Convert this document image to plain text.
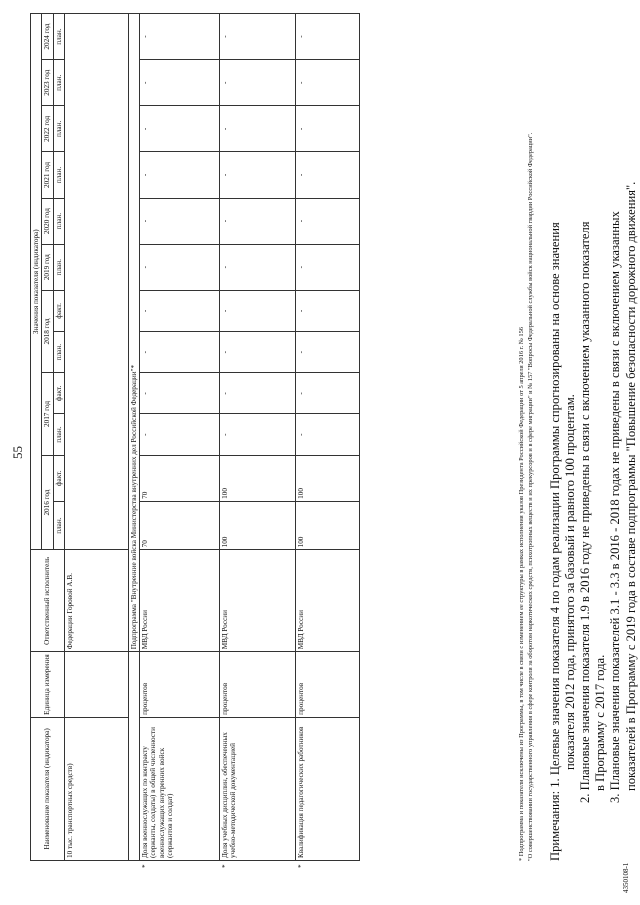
55
Наименование показателя (индикатора)	Единица измерения	Ответственный исполнитель	Значения показателя (индикатора)											
			2016 год		2017 год		2018 год		2019 год	2020 год	2021 год	2022 год	2023 год	2024 год
			план.	факт.	план.	факт.	план.	факт.	план.	план.	план.	план.	план.	план.
10 тыс. транспортных средств)		Федерации Горовой А.В.												
		Подпрограмма "Внутренние войска Министерства внутренних дел Российской Федерации"*												

*
Доля военнослужащих по контракту (сержанты, солдаты) в общей численности военнослужащих внутренних войск (сержантов и солдат)	процентов	МВД России	70	70	-	-	-	-	-	-	-	-	-	-

*
Доля учебных дисциплин, обеспеченных учебно-методической документацией	процентов	МВД России	100	100	-	-	-	-	-	-	-	-	-	-

*
Квалификация педагогических работников	процентов	МВД России	100	100	-	-	-	-	-	-	-	-	-	-

* Подпрограмма и показатели исключены из Программы, в том числе в связи с изменением ее структуры в рамках исполнения указов Президента Российской Федерации от 5 апреля 2016 г. № 156 "О совершенствовании государственного управления в сфере контроля за оборотом наркотических средств, психотропных веществ и их прекурсоров и в сфере миграции" и № 157 "Вопросы Федеральной службы войск национальной гвардии Российской Федерации". Примечания: 1. Целевые значения показателя 4 по годам реализации Программы спрогнозированы на основе значения показателя 2012 года, принятого за базовый и равного 100 процентам.

2. Плановые значения показателя 1.9 в 2016 году не приведены в связи с включением указанного показателя в Программу с 2017 года.

3. Плановые значения показателей 3.1 - 3.3 в 2016 - 2018 годах не приведены в связи с включением указанных показателей в Программу с 2019 года в составе подпрограммы "Повышение безопасности дорожного движения".

4350108-1
